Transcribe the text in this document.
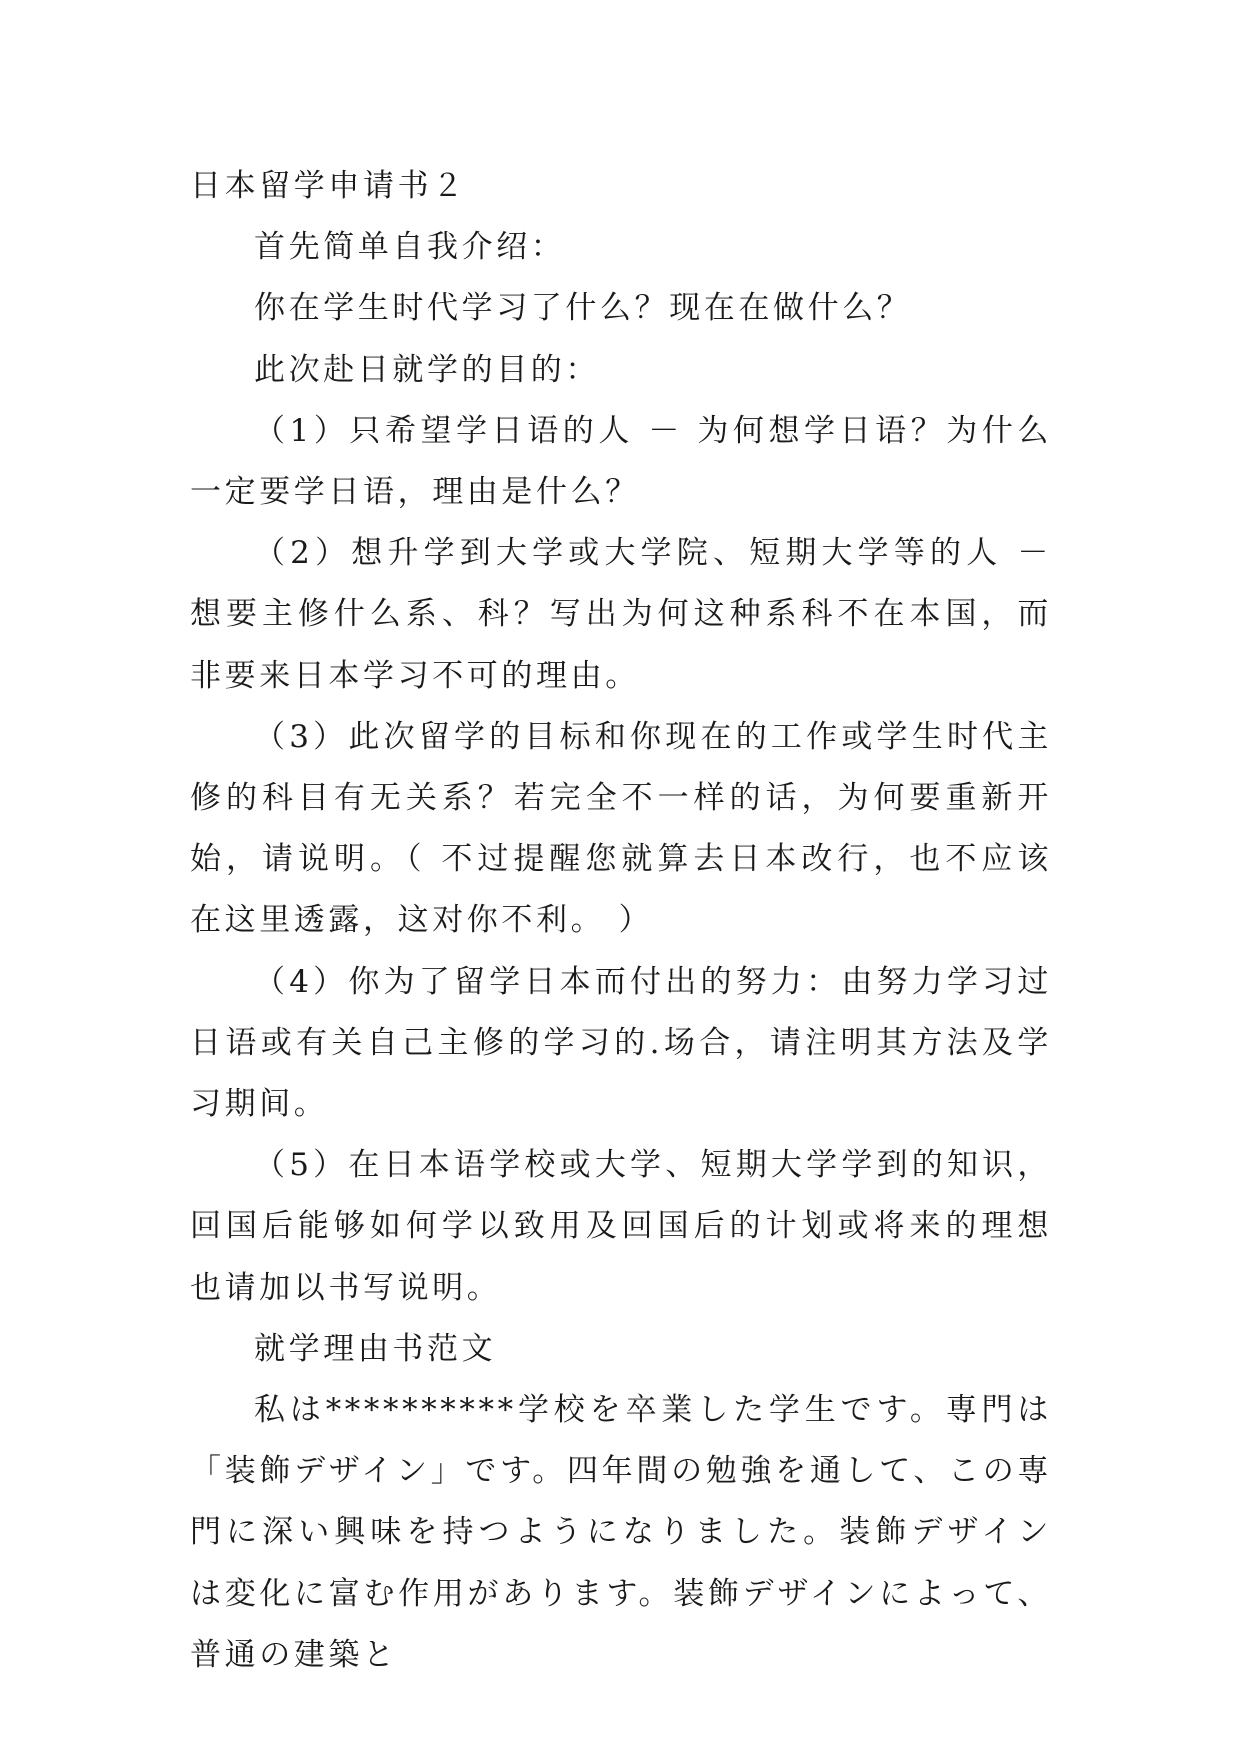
日本留学申请书２

首先简单自我介绍：

你在学生时代学习了什么？现在在做什么？

此次赴日就学的目的：

（1）只希望学日语的人 － 为何想学日语？为什么一定要学日语，理由是什么？

（2）想升学到大学或大学院、短期大学等的人 － 想要主修什么系、科？写出为何这种系科不在本国，而非要来日本学习不可的理由。

（3）此次留学的目标和你现在的工作或学生时代主修的科目有无关系？若完全不一样的话，为何要重新开始，请说明。（ 不过提醒您就算去日本改行，也不应该在这里透露，这对你不利。 ）

（4）你为了留学日本而付出的努力：由努力学习过日语或有关自己主修的学习的.场合，请注明其方法及学习期间。

（5）在日本语学校或大学、短期大学学到的知识，回国后能够如何学以致用及回国后的计划或将来的理想也请加以书写说明。

就学理由书范文

私は**********学校を卒業した学生です。専門は「装飾デザイン」です。四年間の勉強を通して、この専門に深い興味を持つようになりました。装飾デザインは変化に富む作用があります。装飾デザインによって、普通の建築と
